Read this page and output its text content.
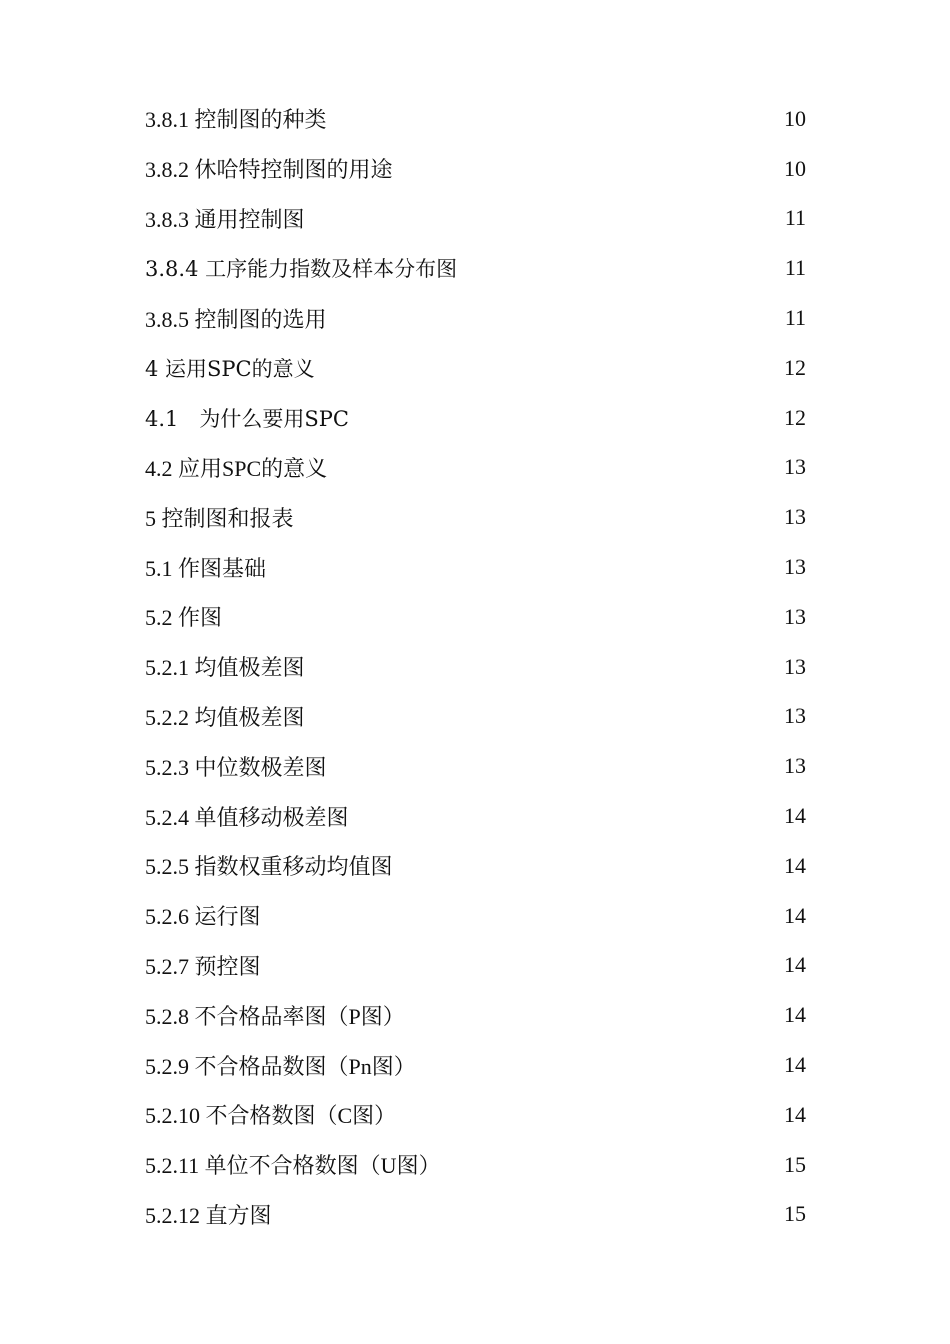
3.8.1 控制图的种类	10
3.8.2 休哈特控制图的用途	10
3.8.3 通用控制图	11
3.8.4 工序能力指数及样本分布图	11
3.8.5 控制图的选用	11
4 运用SPC的意义	12
4.1　为什么要用SPC	12
4.2 应用SPC的意义	13
5 控制图和报表	13
5.1 作图基础	13
5.2 作图	13
5.2.1 均值极差图	13
5.2.2 均值极差图	13
5.2.3 中位数极差图	13
5.2.4 单值移动极差图	14
5.2.5 指数权重移动均值图	14
5.2.6 运行图	14
5.2.7 预控图	14
5.2.8 不合格品率图（P图）	14
5.2.9 不合格品数图（Pn图）	14
5.2.10 不合格数图（C图）	14
5.2.11 单位不合格数图（U图）	15
5.2.12 直方图	15
